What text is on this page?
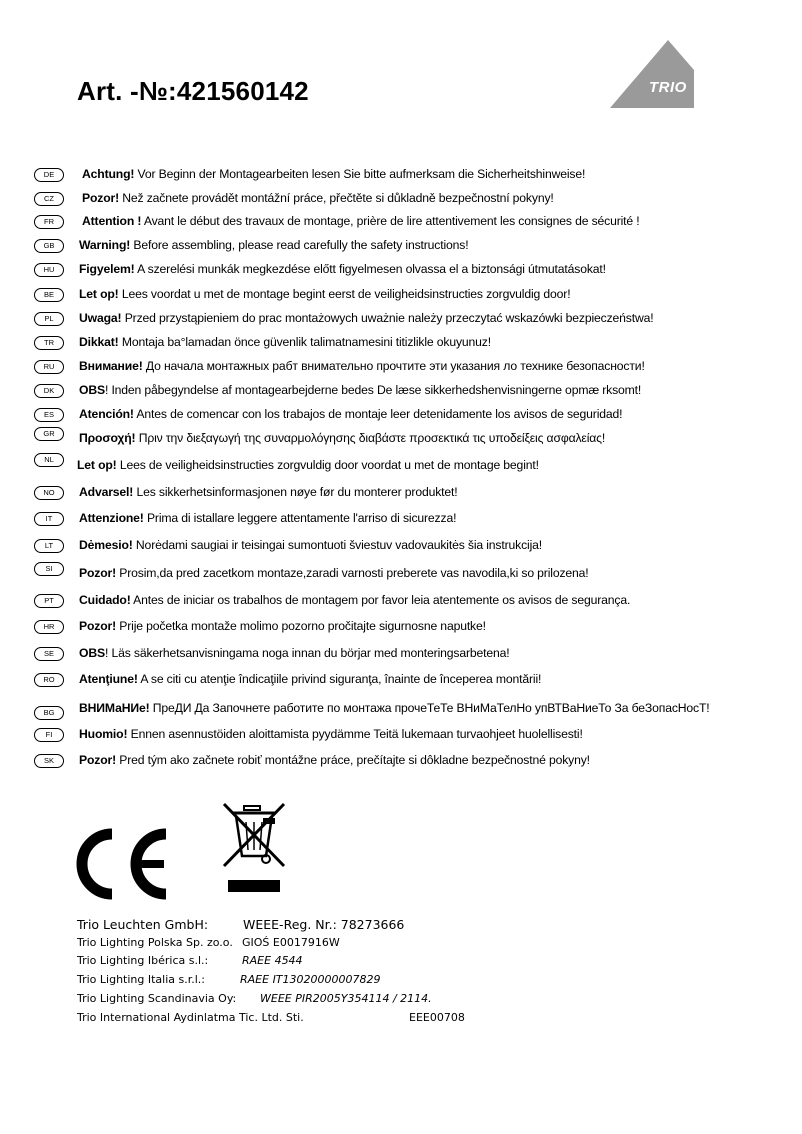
Art. -№:421560142	TRIO
DE	Achtung! Vor Beginn der Montagearbeiten lesen Sie bitte aufmerksam die Sicherheitshinweise!
CZ	Pozor! Než začnete provádět montážní práce, přečtěte si důkladně bezpečnostní pokyny!
FR	Attention ! Avant le début des travaux de montage, prière de lire attentivement les consignes de sécurité !
GB	Warning! Before assembling, please read carefully the safety instructions!
HU	Figyelem! A szerelési munkák megkezdése előtt figyelmesen olvassa el a biztonsági útmutatásokat!
BE	Let op! Lees voordat u met de montage begint eerst de veiligheidsinstructies zorgvuldig door!
PL	Uwaga! Przed przystąpieniem do prac montażowych uważnie należy przeczytać wskazówki bezpieczeństwa!
TR	Dikkat! Montaja ba°lamadan önce güvenlik talimatnamesini titizlikle okuyunuz!
RU	Внимание! До начала монтажных рабт внимательно прочтите эти указания ло технике безопасности!
DK	OBS! Inden påbegyndelse af montagearbejderne bedes De læse sikkerhedshenvisningerne opmæ rksomt!
ES	Atención! Antes de comencar con los trabajos de montaje leer detenidamente los avisos de seguridad!
GR	Προσοχή! Πριν την διεξαγωγή της συναρμολόγησης διαβάστε προσεκτικά τις υποδείξεις ασφαλείας!
NL	Let op! Lees de veiligheidsinstructies zorgvuldig door voordat u met de montage begint!
NO	Advarsel! Les sikkerhetsinformasjonen nøye før du monterer produktet!
IT	Attenzione! Prima di istallare leggere attentamente l'arriso di sicurezza!
LT	Dėmesio! Norėdami saugiai ir teisingai sumontuoti šviestuv vadovaukitės šia instrukcija!
SI	Pozor! Prosim,da pred zacetkom montaze,zaradi varnosti preberete vas navodila,ki so prilozena!
PT	Cuidado! Antes de iniciar os trabalhos de montagem por favor leia atentemente os avisos de segurança.
HR	Pozor! Prije početka montaže molimo pozorno pročitajte sigurnosne naputke!
SE	OBS! Läs säkerhetsanvisningama noga innan du börjar med monteringsarbetena!
RO	Atenţiune! A se citi cu atenţie îndicaţiile privind siguranţa, înainte de începerea montării!
BG	ВНИМаНИе! ПреДИ Да Започнете работите по монтажа прочеТеТе ВНиМаТелНо упВТВаНиеТо За беЗопасНосТ!
FI	Huomio! Ennen asennustöiden aloittamista pyydämme Teitä lukemaan turvaohjeet huolellisesti!
SK	Pozor! Pred tým ako začnete robiť montážne práce, prečítajte si dôkladne bezpečnostné pokyny!
Trio Leuchten GmbH:	WEEE-Reg. Nr.: 78273666
Trio Lighting Polska Sp. zo.o. GIOŚ E0017916W
Trio Lighting Ibérica s.l.:	RAEE 4544
Trio Lighting Italia s.r.l.:	RAEE IT13020000007829
Trio Lighting Scandinavia Oy: WEEE PIR2005Y354114 / 2114.
Trio International Aydinlatma Tic. Ltd. Sti.	EEE00708
